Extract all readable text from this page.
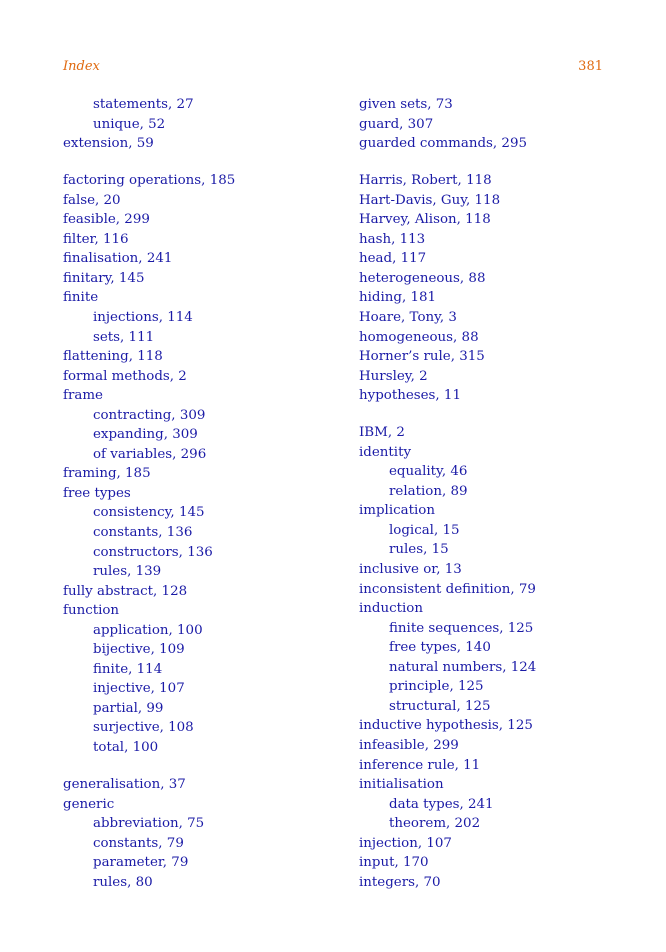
Index	381
statements, 27
unique, 52
extension, 59
factoring operations, 185
false, 20
feasible, 299
filter, 116
finalisation, 241
finitary, 145
finite
injections, 114
sets, 111
flattening, 118
formal methods, 2
frame
contracting, 309
expanding, 309
of variables, 296
framing, 185
free types
consistency, 145
constants, 136
constructors, 136
rules, 139
fully abstract, 128
function
application, 100
bijective, 109
finite, 114
injective, 107
partial, 99
surjective, 108
total, 100
generalisation, 37
generic
abbreviation, 75
constants, 79
parameter, 79
rules, 80
given sets, 73
guard, 307
guarded commands, 295
Harris, Robert, 118
Hart-Davis, Guy, 118
Harvey, Alison, 118
hash, 113
head, 117
heterogeneous, 88
hiding, 181
Hoare, Tony, 3
homogeneous, 88
Horner’s rule, 315
Hursley, 2
hypotheses, 11
IBM, 2
identity
equality, 46
relation, 89
implication
logical, 15
rules, 15
inclusive or, 13
inconsistent definition, 79
induction
finite sequences, 125
free types, 140
natural numbers, 124
principle, 125
structural, 125
inductive hypothesis, 125
infeasible, 299
inference rule, 11
initialisation
data types, 241
theorem, 202
injection, 107
input, 170
integers, 70
